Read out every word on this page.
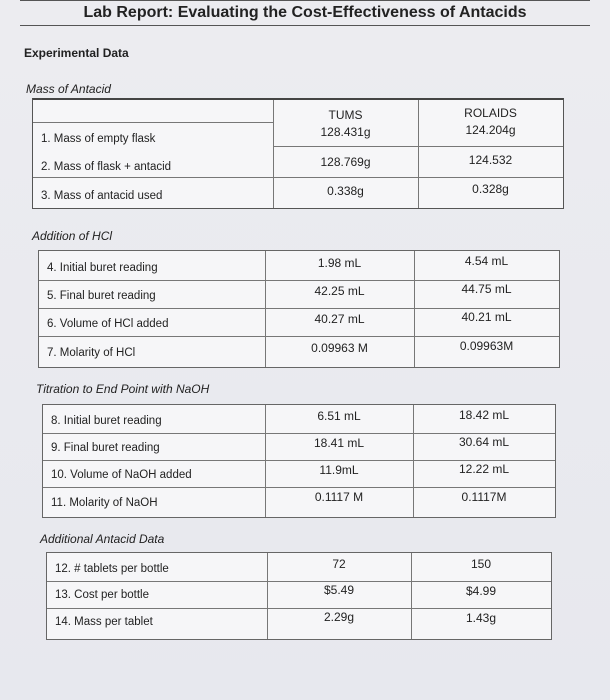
Lab Report: Evaluating the Cost-Effectiveness of Antacids
Experimental Data
Mass of Antacid
TUMS	ROLAIDS
1. Mass of empty flask	128.431g	124.204g
2. Mass of flask + antacid	128.769g	124.532
3. Mass of antacid used	0.338g	0.328g
Addition of HCl
4. Initial buret reading	1.98 mL	4.54 mL
5. Final buret reading	42.25 mL	44.75 mL
6. Volume of HCl added	40.27 mL	40.21 mL
7. Molarity of HCl	0.09963 M	0.09963M
Titration to End Point with NaOH
8. Initial buret reading	6.51 mL	18.42 mL
9. Final buret reading	18.41 mL	30.64 mL
10. Volume of NaOH added	11.9mL	12.22 mL
11. Molarity of NaOH	0.1117 M	0.1117M
Additional Antacid Data
12. # tablets per bottle	72	150
13. Cost per bottle	$5.49	$4.99
14. Mass per tablet	2.29g	1.43g
